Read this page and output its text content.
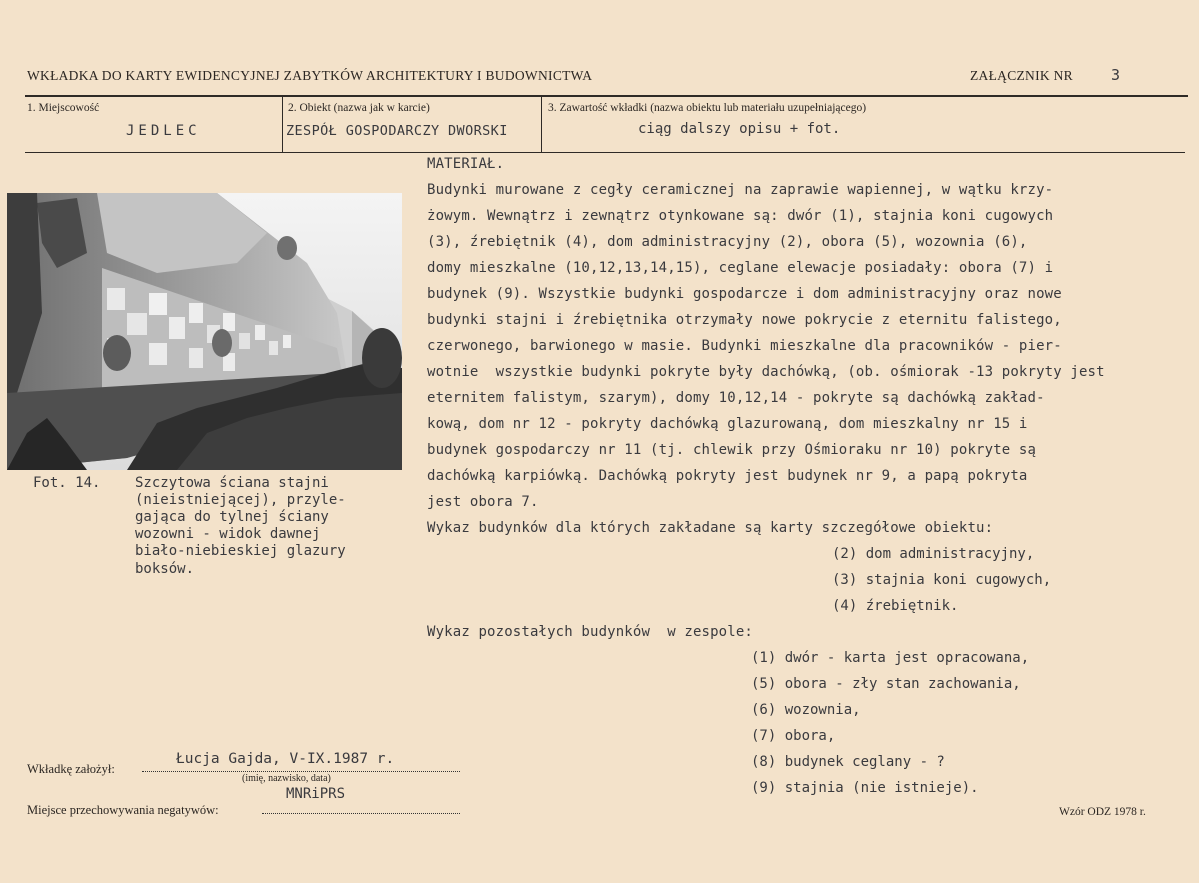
WKŁADKA DO KARTY EWIDENCYJNEJ ZABYTKÓW ARCHITEKTURY I BUDOWNICTWA	ZAŁĄCZNIK NR	3
1. Miejscowość	2. Obiekt (nazwa jak w karcie)	3. Zawartość wkładki (nazwa obiektu lub materiału uzupełniającego)
JEDLEC	ZESPÓŁ GOSPODARCZY DWORSKI	ciąg dalszy opisu + fot.
Fot. 14. Szczytowa ściana stajni
(nieistniejącej), przyle-
gająca do tylnej ściany
wozowni - widok dawnej
biało-niebieskiej glazury
boksów.
MATERIAŁ.
Budynki murowane z cegły ceramicznej na zaprawie wapiennej, w wątku krzy-
żowym. Wewnątrz i zewnątrz otynkowane są: dwór (1), stajnia koni cugowych
(3), źrebiętnik (4), dom administracyjny (2), obora (5), wozownia (6),
domy mieszkalne (10,12,13,14,15), ceglane elewacje posiadały: obora (7) i
budynek (9). Wszystkie budynki gospodarcze i dom administracyjny oraz nowe
budynki stajni i źrebiętnika otrzymały nowe pokrycie z eternitu falistego,
czerwonego, barwionego w masie. Budynki mieszkalne dla pracowników - pier-
wotnie  wszystkie budynki pokryte były dachówką, (ob. ośmiorak -13 pokryty jest
eternitem falistym, szarym), domy 10,12,14 - pokryte są dachówką zakład-
kową, dom nr 12 - pokryty dachówką glazurowaną, dom mieszkalny nr 15 i
budynek gospodarczy nr 11 (tj. chlewik przy Ośmioraku nr 10) pokryte są
dachówką karpiówką. Dachówką pokryty jest budynek nr 9, a papą pokryta
jest obora 7.
Wykaz budynków dla których zakładane są karty szczegółowe obiektu:
(2) dom administracyjny,
(3) stajnia koni cugowych,
(4) źrebiętnik.
Wykaz pozostałych budynków  w zespole:
(1) dwór - karta jest opracowana,
(5) obora - zły stan zachowania,
(6) wozownia,
(7) obora,
(8) budynek ceglany - ?
(9) stajnia (nie istnieje).
Wkładkę założył:
Łucja Gajda, V-IX.1987 r.
(imię, nazwisko, data)
MNRiPRS
Miejsce przechowywania negatywów:	Wzór ODZ 1978 r.
